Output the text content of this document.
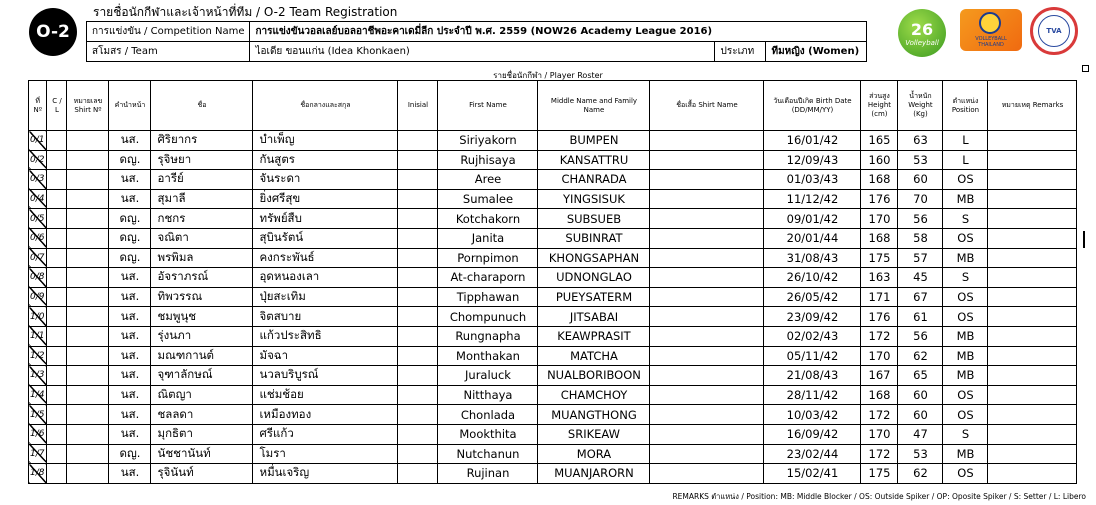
O-2
รายชื่อนักกีฬาและเจ้าหน้าที่ทีม / O-2 Team Registration
การแข่งขัน / Competition Name	การแข่งขันวอลเลย์บอลอาชีพอะคาเดมี่ลีก ประจำปี พ.ศ. 2559 (NOW26 Academy League 2016)		
สโมสร / Team	ไอเดีย ขอนแก่น (Idea Khonkaen)	ประเภท	ทีมหญิง (Women)
26
Volleyball	VOLLEYBALL THAILAND
TVA
รายชื่อนักกีฬา / Player Roster
ที่ Nº	C / L	หมายเลข Shirt Nº	คำนำหน้า	ชื่อ	ชื่อกลางและสกุล	Inisial	First Name	Middle Name and Family Name	ชื่อเสื้อ Shirt Name	วันเดือนปีเกิด Birth Date (DD/MM/YY)	ส่วนสูง Height (cm)	น้ำหนัก Weight (Kg)	ตำแหน่ง Position	หมายเหตุ Remarks
0/1			นส.	ศิริยากร	บำเพ็ญ		Siriyakorn	BUMPEN		16/01/42	165	63	L	
0/2			ดญ.	รุจิษยา	กันสูตร		Rujhisaya	KANSATTRU		12/09/43	160	53	L	
0/3			นส.	อารีย์	จันระดา		Aree	CHANRADA		01/03/43	168	60	OS	
0/4			นส.	สุมาลี	ยิ่งศรีสุข		Sumalee	YINGSISUK		11/12/42	176	70	MB	
0/5			ดญ.	กชกร	ทรัพย์สืบ		Kotchakorn	SUBSUEB		09/01/42	170	56	S	
0/6			ดญ.	จณิตา	สุบินรัตน์		Janita	SUBINRAT		20/01/44	168	58	OS	
0/7			ดญ.	พรพิมล	คงกระพันธ์		Pornpimon	KHONGSAPHAN		31/08/43	175	57	MB	
0/8			นส.	อัจราภรณ์	อุดหนองเลา		At-charaporn	UDNONGLAO		26/10/42	163	45	S	
0/9			นส.	ทิพวรรณ	ปุ่ยสะเทิม		Tipphawan	PUEYSATERM		26/05/42	171	67	OS	
1/0			นส.	ชมพูนุช	จิตสบาย		Chompunuch	JITSABAI		23/09/42	176	61	OS	
1/1			นส.	รุ่งนภา	แก้วประสิทธิ		Rungnapha	KEAWPRASIT		02/02/43	172	56	MB	
1/2			นส.	มณฑกานต์	มัจฉา		Monthakan	MATCHA		05/11/42	170	62	MB	
1/3			นส.	จุฑาลักษณ์	นวลบริบูรณ์		Juraluck	NUALBORIBOON		21/08/43	167	65	MB	
1/4			นส.	ณิตญา	แช่มช้อย		Nitthaya	CHAMCHOY		28/11/42	168	60	OS	
1/5			นส.	ชลลดา	เหมืองทอง		Chonlada	MUANGTHONG		10/03/42	172	60	OS	
1/6			นส.	มุกธิตา	ศรีแก้ว		Mookthita	SRIKEAW		16/09/42	170	47	S	
1/7			ดญ.	นัชชานันท์	โมรา		Nutchanun	MORA		23/02/44	172	53	MB	
1/8			นส.	รุจินันท์	หมื่นเจริญ		Rujinan	MUANJARORN		15/02/41	175	62	OS	
REMARKS ตำแหน่ง / Position: MB: Middle Blocker / OS: Outside Spiker / OP: Oposite Spiker / S: Setter / L: Libero
